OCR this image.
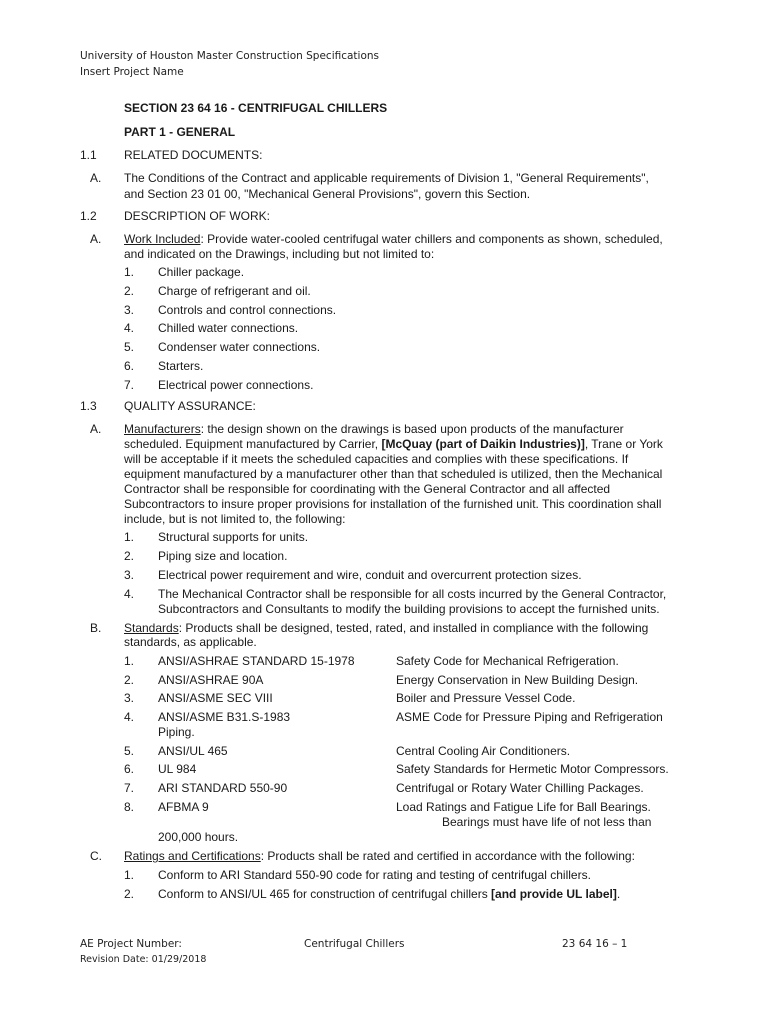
University of Houston Master Construction Specifications
Insert Project Name
SECTION 23 64 16 - CENTRIFUGAL CHILLERS
PART 1 - GENERAL
1.1 RELATED DOCUMENTS:
A. The Conditions of the Contract and applicable requirements of Division 1, "General Requirements",
and Section 23 01 00, "Mechanical General Provisions", govern this Section.
1.2 DESCRIPTION OF WORK:
A. Work Included: Provide water-cooled centrifugal water chillers and components as shown, scheduled,
and indicated on the Drawings, including but not limited to:
1. Chiller package.
2. Charge of refrigerant and oil.
3. Controls and control connections.
4. Chilled water connections.
5. Condenser water connections.
6. Starters.
7. Electrical power connections.
1.3 QUALITY ASSURANCE:
A. Manufacturers: the design shown on the drawings is based upon products of the manufacturer
scheduled. Equipment manufactured by Carrier, [McQuay (part of Daikin Industries)], Trane or York
will be acceptable if it meets the scheduled capacities and complies with these specifications. If
equipment manufactured by a manufacturer other than that scheduled is utilized, then the Mechanical
Contractor shall be responsible for coordinating with the General Contractor and all affected
Subcontractors to insure proper provisions for installation of the furnished unit. This coordination shall
include, but is not limited to, the following:
1. Structural supports for units.
2. Piping size and location.
3. Electrical power requirement and wire, conduit and overcurrent protection sizes.
4. The Mechanical Contractor shall be responsible for all costs incurred by the General Contractor,
Subcontractors and Consultants to modify the building provisions to accept the furnished units.
B. Standards: Products shall be designed, tested, rated, and installed in compliance with the following
standards, as applicable.
1. ANSI/ASHRAE STANDARD 15-1978	Safety Code for Mechanical Refrigeration.
2. ANSI/ASHRAE 90A	Energy Conservation in New Building Design.
3. ANSI/ASME SEC VIII	Boiler and Pressure Vessel Code.
4. ANSI/ASME B31.S-1983	ASME Code for Pressure Piping and Refrigeration
Piping.
5. ANSI/UL 465	Central Cooling Air Conditioners.
6. UL 984	Safety Standards for Hermetic Motor Compressors.
7. ARI STANDARD 550-90	Centrifugal or Rotary Water Chilling Packages.
8. AFBMA 9	Load Ratings and Fatigue Life for Ball Bearings.
Bearings must have life of not less than
200,000 hours.
C. Ratings and Certifications: Products shall be rated and certified in accordance with the following:
1. Conform to ARI Standard 550-90 code for rating and testing of centrifugal chillers.
2. Conform to ANSI/UL 465 for construction of centrifugal chillers [and provide UL label].
AE Project Number:
Revision Date: 01/29/2018
Centrifugal Chillers	23 64 16 – 1
